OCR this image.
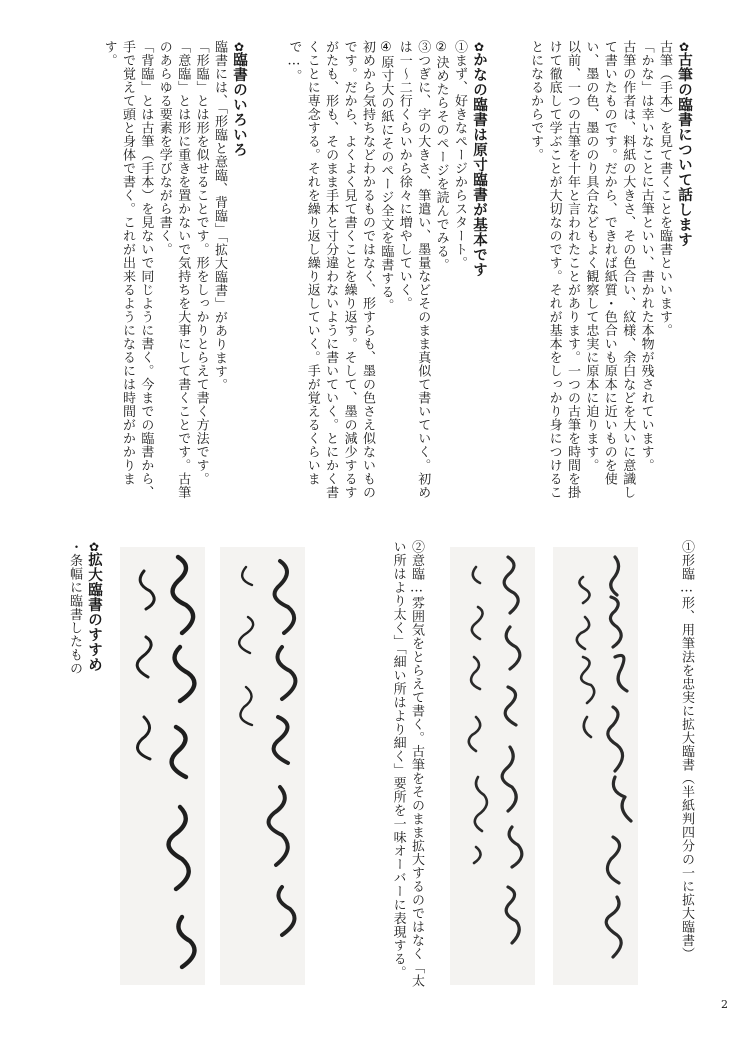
✿古筆の臨書について話します
古筆（手本）を見て書くことを臨書といいます。
「かな」は幸いなことに古筆といい、書かれた本物が残されています。
古筆の作者は、料紙の大きさ、その色合い、紋様、余白などを大いに意識して書いたものです。だから、できれば紙質・色合いも原本に近いものを使い、墨の色、墨ののり具合などもよく観察して忠実に原本に迫ります。
以前、一つの古筆を十年と言われたことがあります。一つの古筆を時間を掛けて徹底して学ぶことが大切なのです。それが基本をしっかり身につけることになるからです。
✿かなの臨書は原寸臨書が基本です
①まず、好きなページからスタート。
②決めたらそのページを読んでみる。
③つぎに、字の大きさ、筆遣い、墨量などそのまま真似て書いていく。初めは一～二行くらいから徐々に増やしていく。
④原寸大の紙にそのページ全文を臨書する。
初めから気持ちなどわかるものではなく、形すらも、墨の色さえ似ないものです。だから、よくよく見て書くことを繰り返す。そして、墨の減少するすがたも、形も、そのまま手本と寸分違わないように書いていく。とにかく書くことに専念する。それを繰り返し繰り返していく。手が覚えるくらいまで…。
✿臨書のいろいろ
臨書には、「形臨と意臨、背臨」「拡大臨書」があります。
「形臨」とは形を似せることです。形をしっかりとらえて書く方法です。
「意臨」とは形に重きを置かないで気持ちを大事にして書くことです。古筆のあらゆる要素を学びながら書く。
「背臨」とは古筆（手本）を見ないで同じように書く。今までの臨書から、手で覚えて頭と身体で書く。これが出来るようになるには時間がかかります。
①形臨…形、用筆法を忠実に拡大臨書（半紙判四分の一に拡大臨書）
②意臨…雰囲気をとらえて書く。古筆をそのまま拡大するのではなく「太い所はより太く」「細い所はより細く」要所を一味オーバーに表現する。
✿拡大臨書のすすめ
・条幅に臨書したもの
2
